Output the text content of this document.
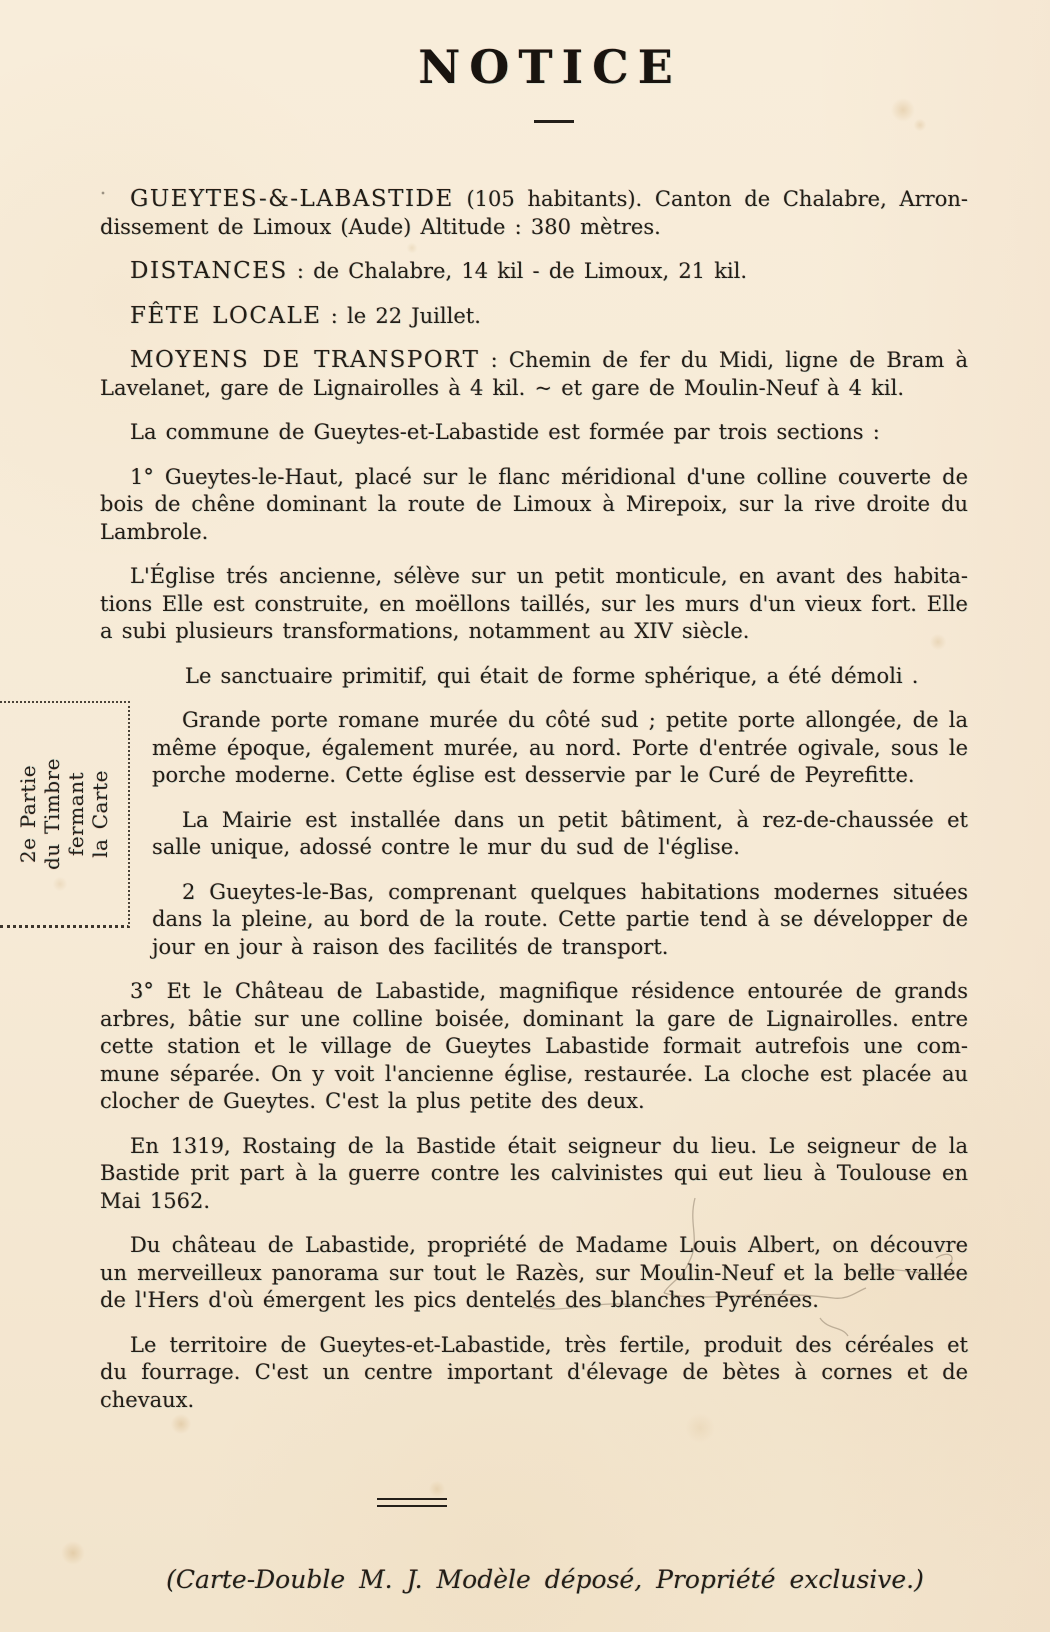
NOTICE

GUEYTES-&-LABASTIDE (105 habitants). Canton de Chalabre, Arrondissement de Limoux (Aude) Altitude : 380 mètres.

DISTANCES : de Chalabre, 14 kil - de Limoux, 21 kil.

FÊTE LOCALE : le 22 Juillet.

MOYENS DE TRANSPORT : Chemin de fer du Midi, ligne de Bram à Lavelanet, gare de Lignairolles à 4 kil. ~ et gare de Moulin-Neuf à 4 kil.

La commune de Gueytes-et-Labastide est formée par trois sections :

1° Gueytes-le-Haut, placé sur le flanc méridional d'une colline couverte de bois de chêne dominant la route de Limoux à Mirepoix, sur la rive droite du Lambrole.

L'Église trés ancienne, sélève sur un petit monticule, en avant des habitations Elle est construite, en moëllons taillés, sur les murs d'un vieux fort. Elle a subi plusieurs transformations, notamment au XIV siècle.

Le sanctuaire primitif, qui était de forme sphérique, a été démoli .

2e Partie du Timbre fermant la Carte

Grande porte romane murée du côté sud ; petite porte allongée, de la même époque, également murée, au nord. Porte d'entrée ogivale, sous le porche moderne. Cette église est desservie par le Curé de Peyrefitte.

La Mairie est installée dans un petit bâtiment, à rez-de-chaussée et salle unique, adossé contre le mur du sud de l'église.

2 Gueytes-le-Bas, comprenant quelques habitations modernes situées dans la pleine, au bord de la route. Cette partie tend à se développer de jour en jour à raison des facilités de transport.

3° Et le Château de Labastide, magnifique résidence entourée de grands arbres, bâtie sur une colline boisée, dominant la gare de Lignairolles. entre cette station et le village de Gueytes Labastide formait autrefois une commune séparée. On y voit l'ancienne église, restaurée. La cloche est placée au clocher de Gueytes. C'est la plus petite des deux.

En 1319, Rostaing de la Bastide était seigneur du lieu. Le seigneur de la Bastide prit part à la guerre contre les calvinistes qui eut lieu à Toulouse en Mai 1562.

Du château de Labastide, propriété de Madame Louis Albert, on découvre un merveilleux panorama sur tout le Razès, sur Moulin-Neuf et la belle vallée de l'Hers d'où émergent les pics dentelés des blanches Pyrénées.

Le territoire de Gueytes-et-Labastide, très fertile, produit des céréales et du fourrage. C'est un centre important d'élevage de bètes à cornes et de chevaux.

(Carte-Double M. J. Modèle déposé, Propriété exclusive.)
